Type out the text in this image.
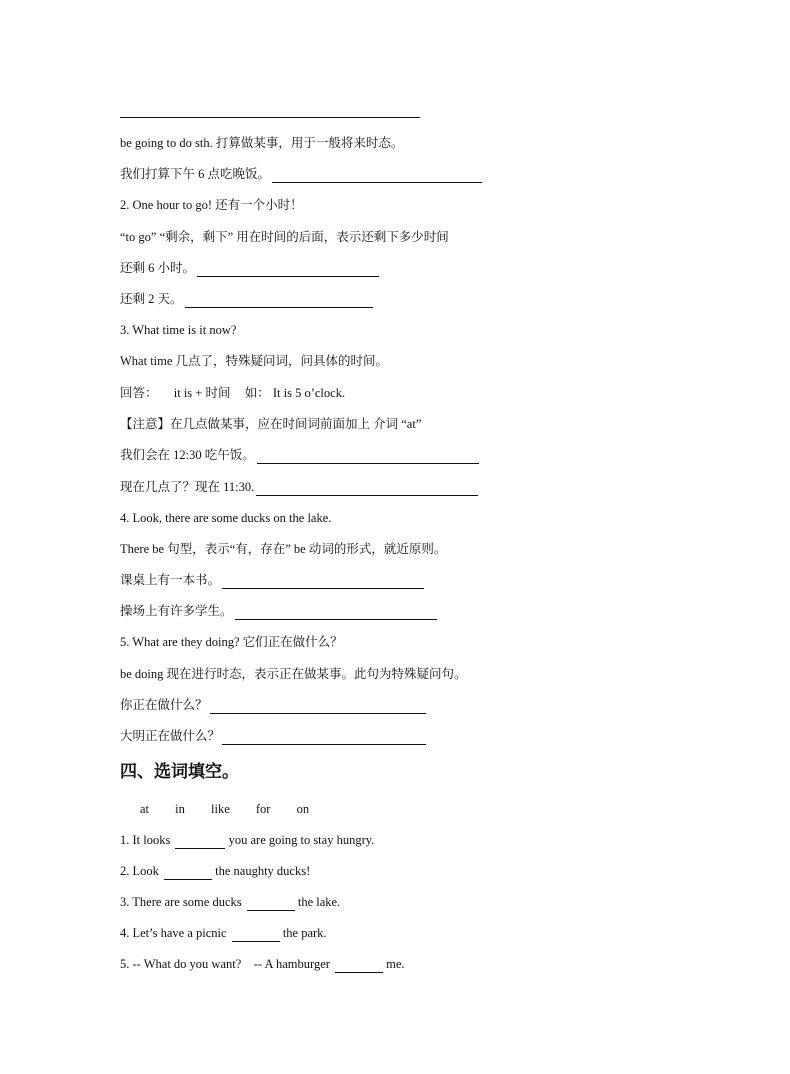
be going to do sth. 打算做某事，用于一般将来时态。
我们打算下午 6 点吃晚饭。
2. One hour to go! 还有一个小时！
“to go” “剩余，剩下” 用在时间的后面，表示还剩下多少时间
还剩 6 小时。
还剩 2 天。
3. What time is it now?
What time 几点了，特殊疑问词，问具体的时间。
回答： it is + 时间 如： It is 5 o’clock.
【注意】在几点做某事，应在时间词前面加上 介词 “at”
我们会在 12:30 吃午饭。
现在几点了？现在 11:30.
4. Look, there are some ducks on the lake.
There be 句型，表示“有，存在” be 动词的形式，就近原则。
课桌上有一本书。
操场上有许多学生。
5. What are they doing? 它们正在做什么？
be doing 现在进行时态，表示正在做某事。此句为特殊疑问句。
你正在做什么？
大明正在做什么？
四、选词填空。
at in like for on
1. It looks	you are going to stay hungry.
2. Look	the naughty ducks!
3. There are some ducks	the lake.
4. Let’s have a picnic	the park.
5. -- What do you want?    -- A hamburger	me.
